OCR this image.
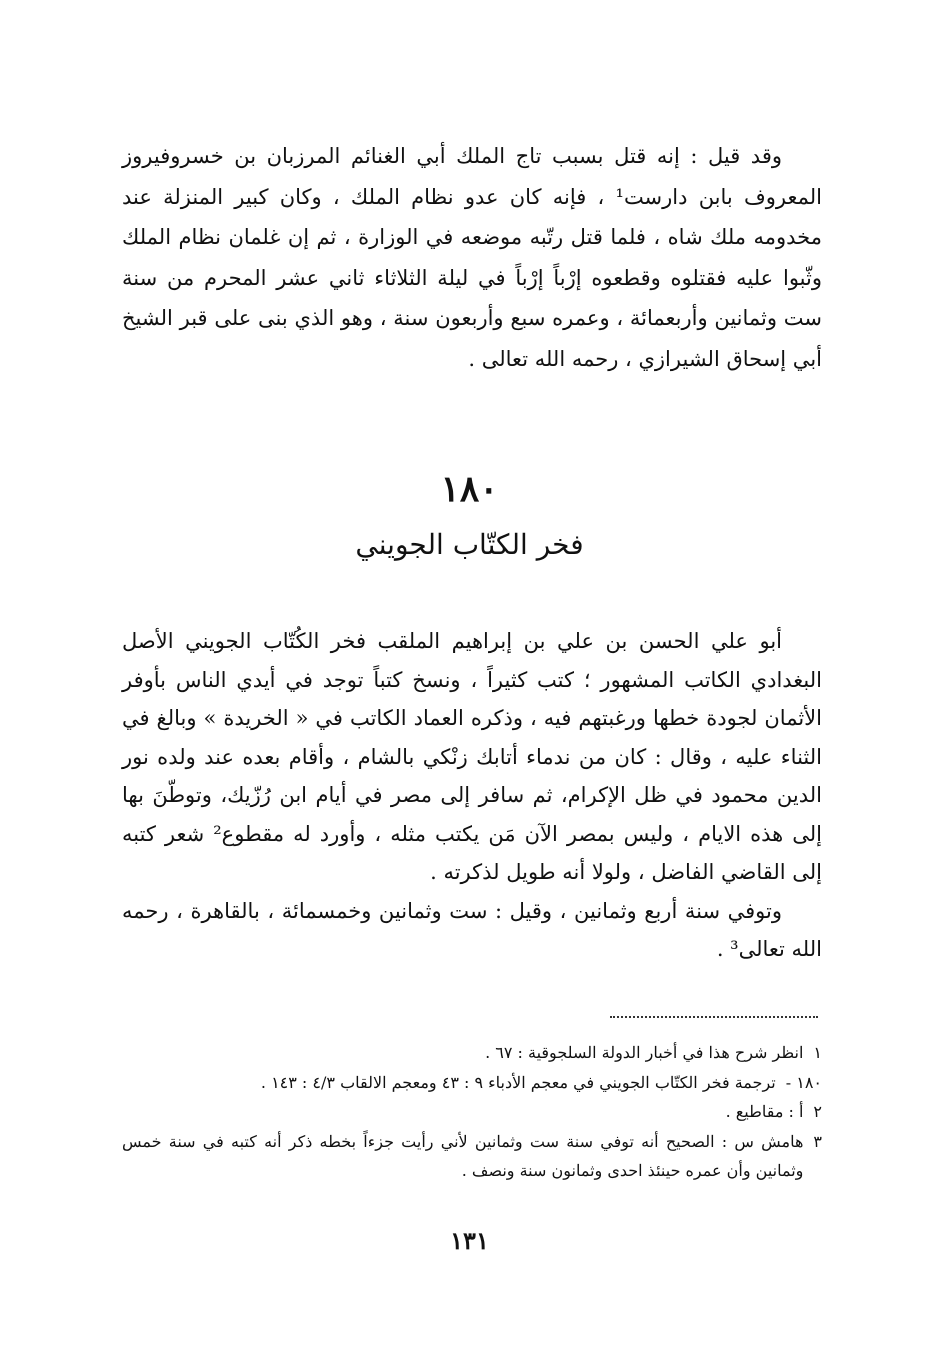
وقد قيل : إنه قتل بسبب تاج الملك أبي الغنائم المرزبان بن خسروفيروز المعروف بابن دارست¹ ، فإنه كان عدو نظام الملك ، وكان كبير المنزلة عند مخدومه ملك شاه ، فلما قتل رتّبه موضعه في الوزارة ، ثم إن غلمان نظام الملك وثّبوا عليه فقتلوه وقطعوه إرْباً إرْباً في ليلة الثلاثاء ثاني عشر المحرم من سنة ست وثمانين وأربعمائة ، وعمره سبع وأربعون سنة ، وهو الذي بنى على قبر الشيخ أبي إسحاق الشيرازي ، رحمه الله تعالى .

١٨٠
فخر الكتّاب الجويني

أبو علي الحسن بن علي بن إبراهيم الملقب فخر الكُتّاب الجويني الأصل البغدادي الكاتب المشهور ؛ كتب كثيراً ، ونسخ كتباً توجد في أيدي الناس بأوفر الأثمان لجودة خطها ورغبتهم فيه ، وذكره العماد الكاتب في « الخريدة » وبالغ في الثناء عليه ، وقال : كان من ندماء أتابك زنْكي بالشام ، وأقام بعده عند ولده نور الدين محمود في ظل الإكرام، ثم سافر إلى مصر في أيام ابن رُزّيك، وتوطّنَ بها إلى هذه الايام ، وليس بمصر الآن مَن يكتب مثله ، وأورد له مقطوع² شعر كتبه إلى القاضي الفاضل ، ولولا أنه طويل لذكرته .

وتوفي سنة أربع وثمانين ، وقيل : ست وثمانين وخمسمائة ، بالقاهرة ، رحمه الله تعالى³ .

١
انظر شرح هذا في أخبار الدولة السلجوقية : ٦٧ .
١٨٠ -
ترجمة فخر الكتّاب الجويني في معجم الأدباء ٩ : ٤٣ ومعجم الالقاب ٤/٣ : ١٤٣ .
٢
أ : مقاطيع .
٣
هامش س : الصحيح أنه توفي سنة ست وثمانين لأني رأيت جزءاً بخطه ذكر أنه كتبه في سنة خمس وثمانين وأن عمره حينئذ احدى وثمانون سنة ونصف .
١٣١
